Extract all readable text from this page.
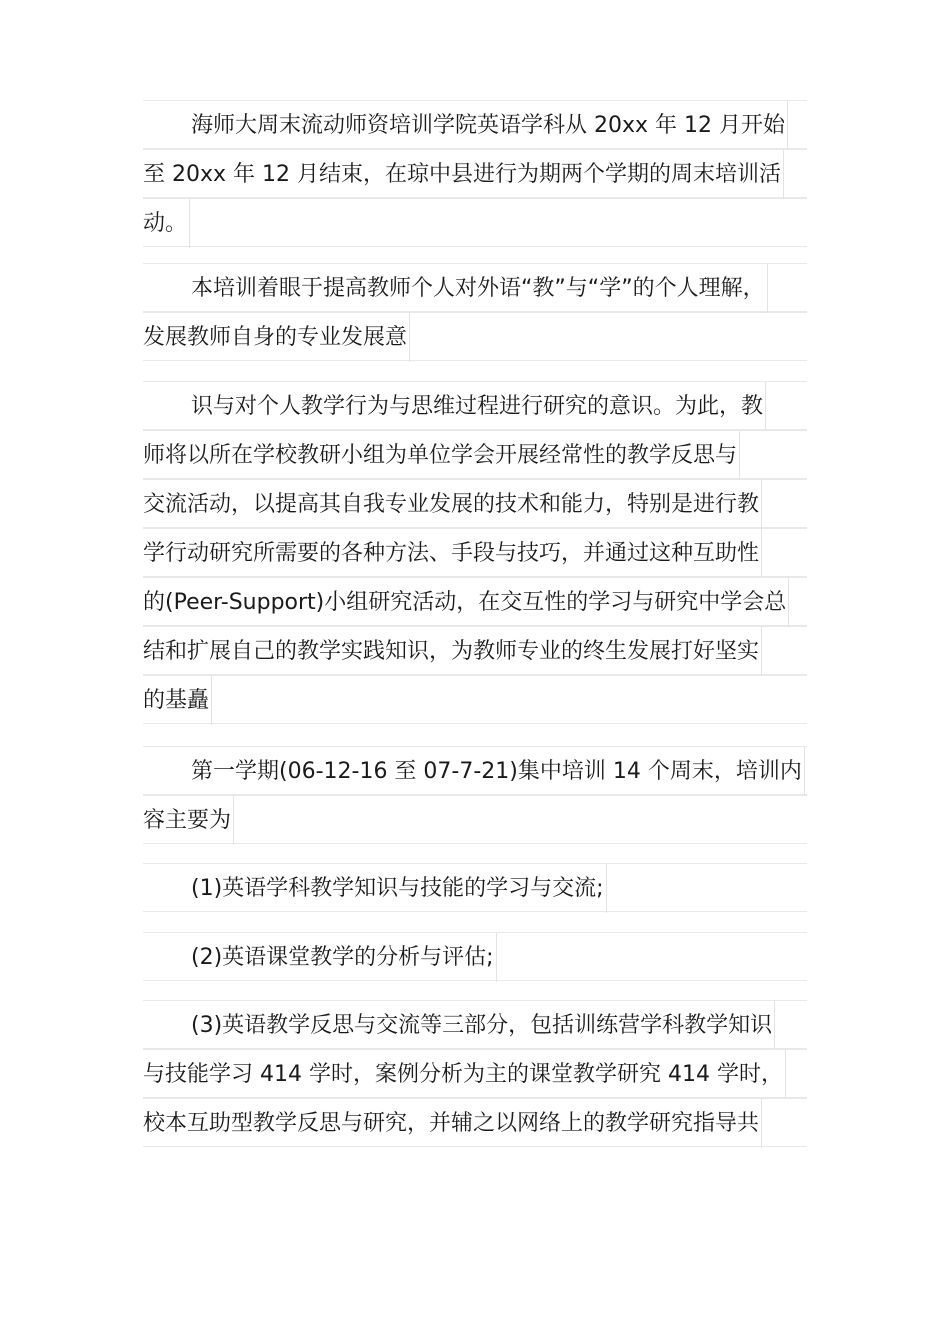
海师大周末流动师资培训学院英语学科从 20xx 年 12 月开始
至 20xx 年 12 月结束，在琼中县进行为期两个学期的周末培训活
动。
本培训着眼于提高教师个人对外语“教”与“学”的个人理解，
发展教师自身的专业发展意
识与对个人教学行为与思维过程进行研究的意识。为此，教
师将以所在学校教研小组为单位学会开展经常性的教学反思与
交流活动，以提高其自我专业发展的技术和能力，特别是进行教
学行动研究所需要的各种方法、手段与技巧，并通过这种互助性
的(Peer-Support)小组研究活动，在交互性的学习与研究中学会总
结和扩展自己的教学实践知识，为教师专业的终生发展打好坚实
的基矗
第一学期(06-12-16 至 07-7-21)集中培训 14 个周末，培训内
容主要为
(1)英语学科教学知识与技能的学习与交流;
(2)英语课堂教学的分析与评估;
(3)英语教学反思与交流等三部分，包括训练营学科教学知识
与技能学习 414 学时，案例分析为主的课堂教学研究 414 学时，
校本互助型教学反思与研究，并辅之以网络上的教学研究指导共
